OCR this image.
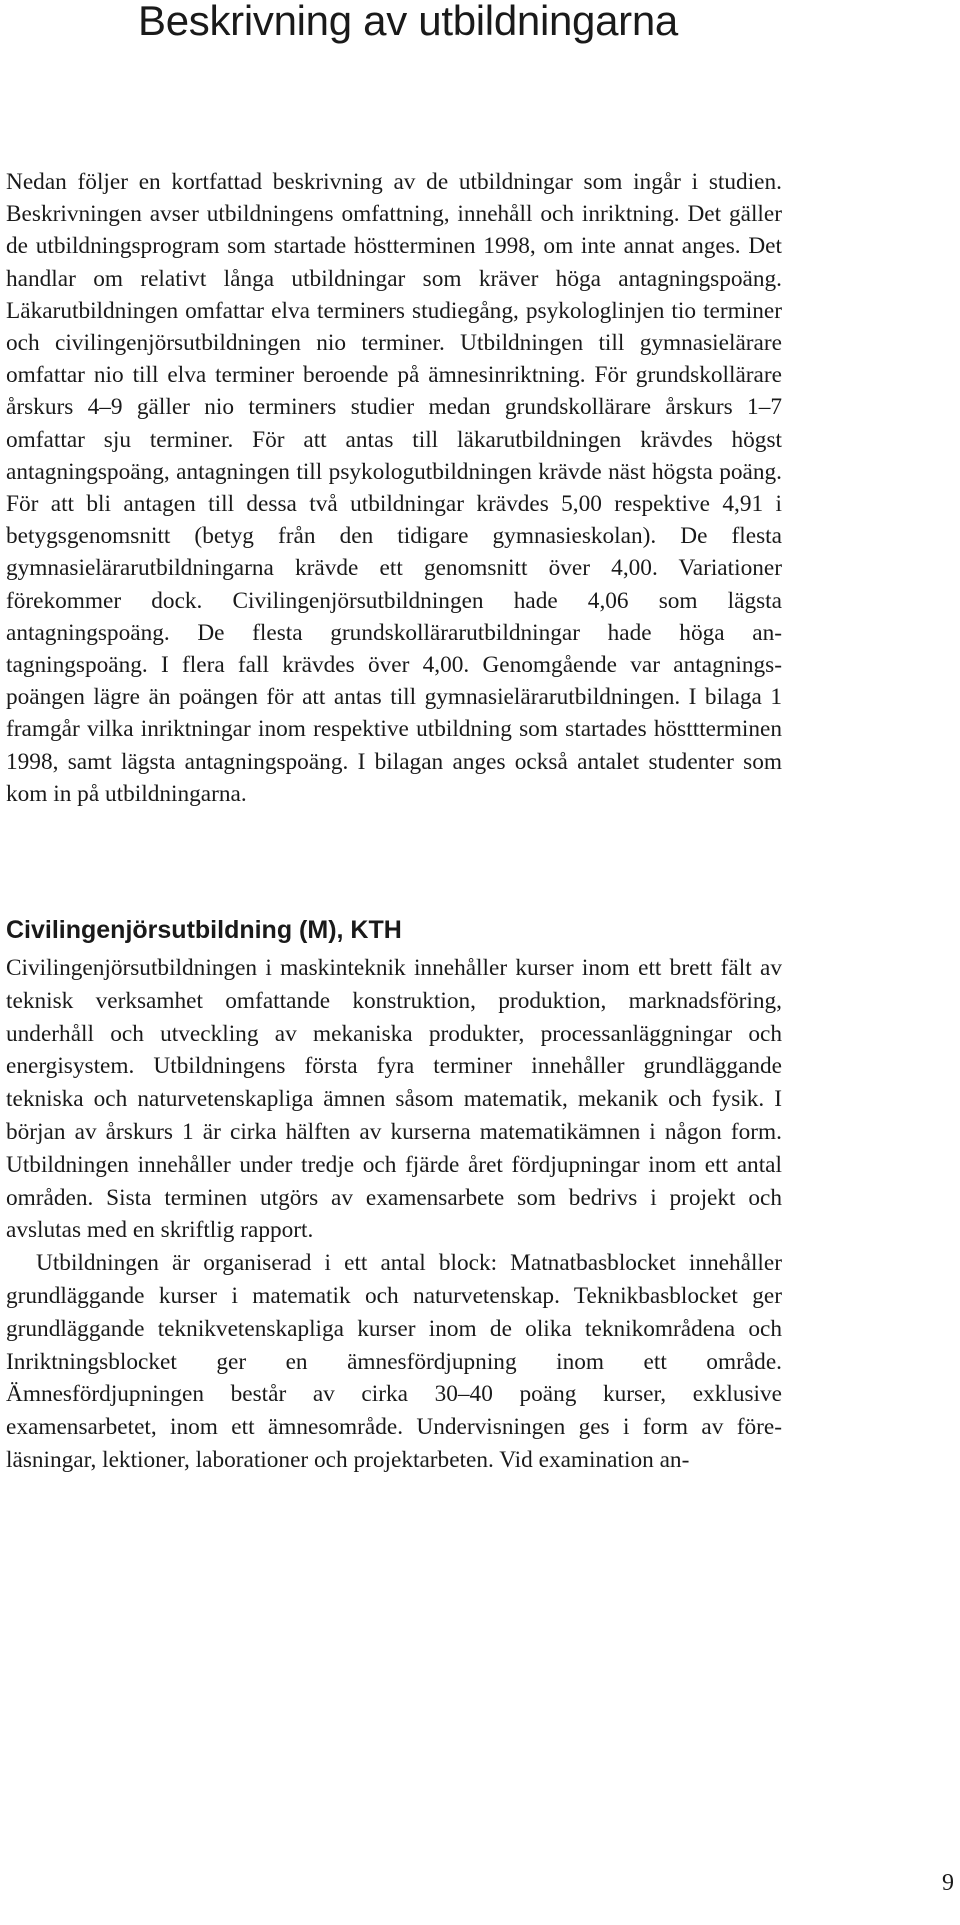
Beskrivning av utbildningarna

Nedan följer en kortfattad beskrivning av de utbildningar som ingår i studien. Beskrivningen avser utbildningens omfattning, innehåll och inriktning. Det gäller de utbildningsprogram som startade höstterminen 1998, om inte annat anges. Det handlar om relativt långa utbildningar som kräver höga antagningspoäng. Läkarutbildningen omfattar elva terminers studiegång, psykologlinjen tio terminer och civilingenjörsutbildningen nio terminer. Utbildningen till gymnasielärare omfattar nio till elva terminer beroende på ämnesinriktning. För grundskollärare årskurs 4–9 gäller nio terminers studier medan grundskollärare årskurs 1–7 omfattar sju terminer. För att antas till läkarutbildningen krävdes högst antagningspoäng, antagningen till psykologutbildningen krävde näst högsta poäng. För att bli antagen till dessa två utbildningar krävdes 5,00 respektive 4,91 i betygsgenomsnitt (betyg från den tidigare gymnasieskolan). De flesta gymnasielärarutbildningarna krävde ett genomsnitt över 4,00. Variationer förekommer dock. Civilingenjörsutbildningen hade 4,06 som lägsta antagningspoäng. De flesta grundskollärarutbildningar hade höga antagningspoäng. I flera fall krävdes över 4,00. Genomgående var antagningspoängen lägre än poängen för att antas till gymnasielärarutbildningen. I bilaga 1 framgår vilka inriktningar inom respektive utbildning som startades hösttterminen 1998, samt lägsta antagningspoäng. I bilagan anges också antalet studenter som kom in på utbildningarna.

Civilingenjörsutbildning (M), KTH

Civilingenjörsutbildningen i maskinteknik innehåller kurser inom ett brett fält av teknisk verksamhet omfattande konstruktion, produktion, marknadsföring, underhåll och utveckling av mekaniska produkter, processanläggningar och energisystem. Utbildningens första fyra terminer innehåller grundläggande tekniska och naturvetenskapliga ämnen såsom matematik, mekanik och fysik. I början av årskurs 1 är cirka hälften av kurserna matematikämnen i någon form. Utbildningen innehåller under tredje och fjärde året fördjupningar inom ett antal områden. Sista terminen utgörs av examensarbete som bedrivs i projekt och avslutas med en skriftlig rapport.

Utbildningen är organiserad i ett antal block: Matnatbasblocket innehåller grundläggande kurser i matematik och naturvetenskap. Teknikbasblocket ger grundläggande teknikvetenskapliga kurser inom de olika teknikområdena och Inriktningsblocket ger en ämnesfördjupning inom ett område. Ämnesfördjupningen består av cirka 30–40 poäng kurser, exklusive examensarbetet, inom ett ämnesområde. Undervisningen ges i form av föreläsningar, lektioner, laborationer och projektarbeten. Vid examination an-

9
